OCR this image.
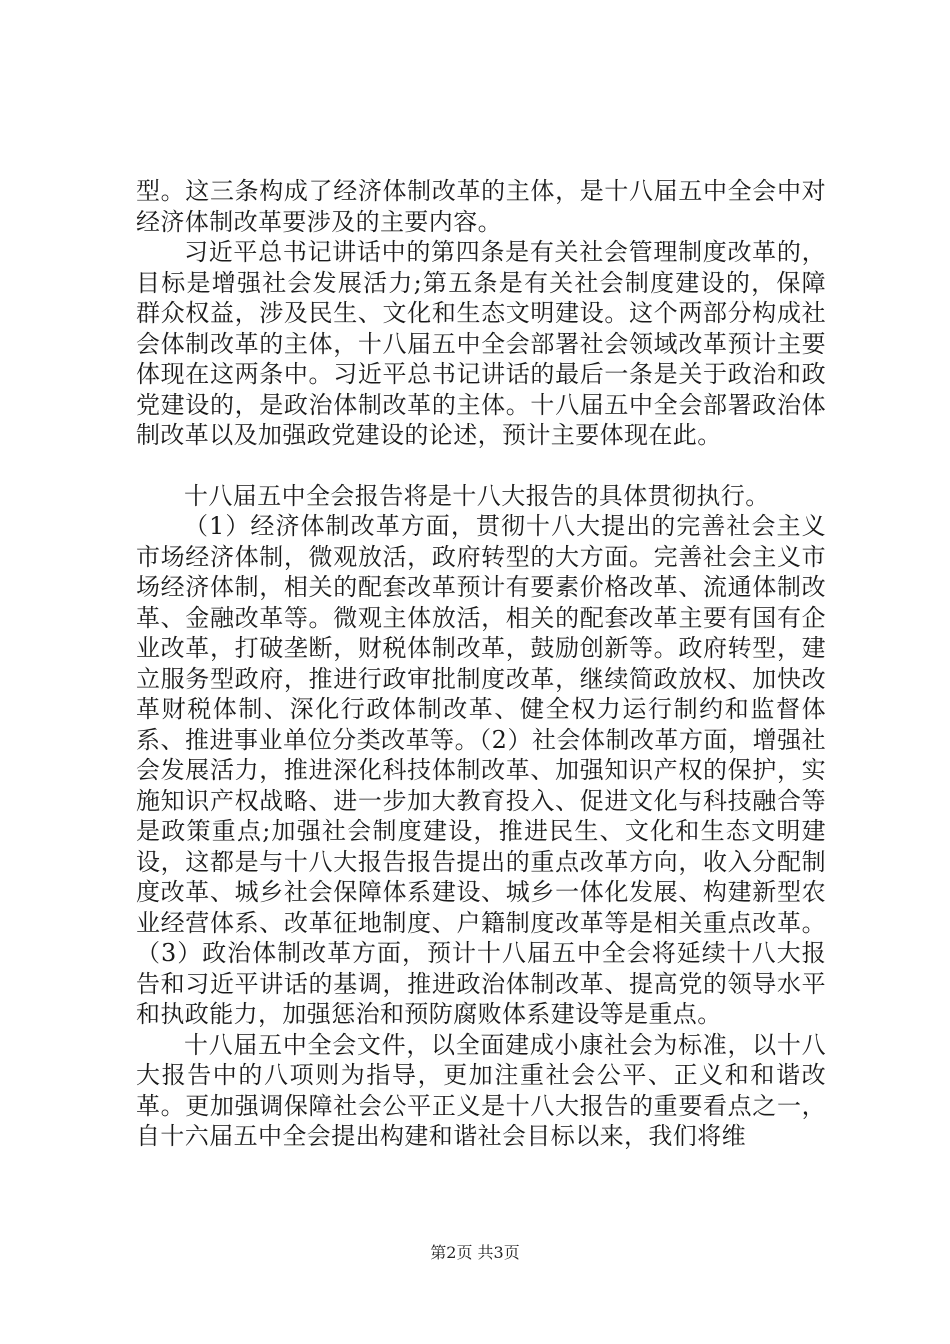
型。这三条构成了经济体制改革的主体，是十八届五中全会中对经济体制改革要涉及的主要内容。

习近平总书记讲话中的第四条是有关社会管理制度改革的，目标是增强社会发展活力;第五条是有关社会制度建设的，保障群众权益，涉及民生、文化和生态文明建设。这个两部分构成社会体制改革的主体，十八届五中全会部署社会领域改革预计主要体现在这两条中。习近平总书记讲话的最后一条是关于政治和政党建设的，是政治体制改革的主体。十八届五中全会部署政治体制改革以及加强政党建设的论述，预计主要体现在此。

十八届五中全会报告将是十八大报告的具体贯彻执行。

（1）经济体制改革方面，贯彻十八大提出的完善社会主义市场经济体制，微观放活，政府转型的大方面。完善社会主义市场经济体制，相关的配套改革预计有要素价格改革、流通体制改革、金融改革等。微观主体放活，相关的配套改革主要有国有企业改革，打破垄断，财税体制改革，鼓励创新等。政府转型，建立服务型政府，推进行政审批制度改革，继续简政放权、加快改革财税体制、深化行政体制改革、健全权力运行制约和监督体系、推进事业单位分类改革等。（2）社会体制改革方面，增强社会发展活力，推进深化科技体制改革、加强知识产权的保护，实施知识产权战略、进一步加大教育投入、促进文化与科技融合等是政策重点;加强社会制度建设，推进民生、文化和生态文明建设，这都是与十八大报告报告提出的重点改革方向，收入分配制度改革、城乡社会保障体系建设、城乡一体化发展、构建新型农业经营体系、改革征地制度、户籍制度改革等是相关重点改革。（3）政治体制改革方面，预计十八届五中全会将延续十八大报告和习近平讲话的基调，推进政治体制改革、提高党的领导水平和执政能力，加强惩治和预防腐败体系建设等是重点。

十八届五中全会文件，以全面建成小康社会为标准，以十八大报告中的八项则为指导，更加注重社会公平、正义和和谐改革。更加强调保障社会公平正义是十八大报告的重要看点之一，自十六届五中全会提出构建和谐社会目标以来，我们将维

第2页 共3页
